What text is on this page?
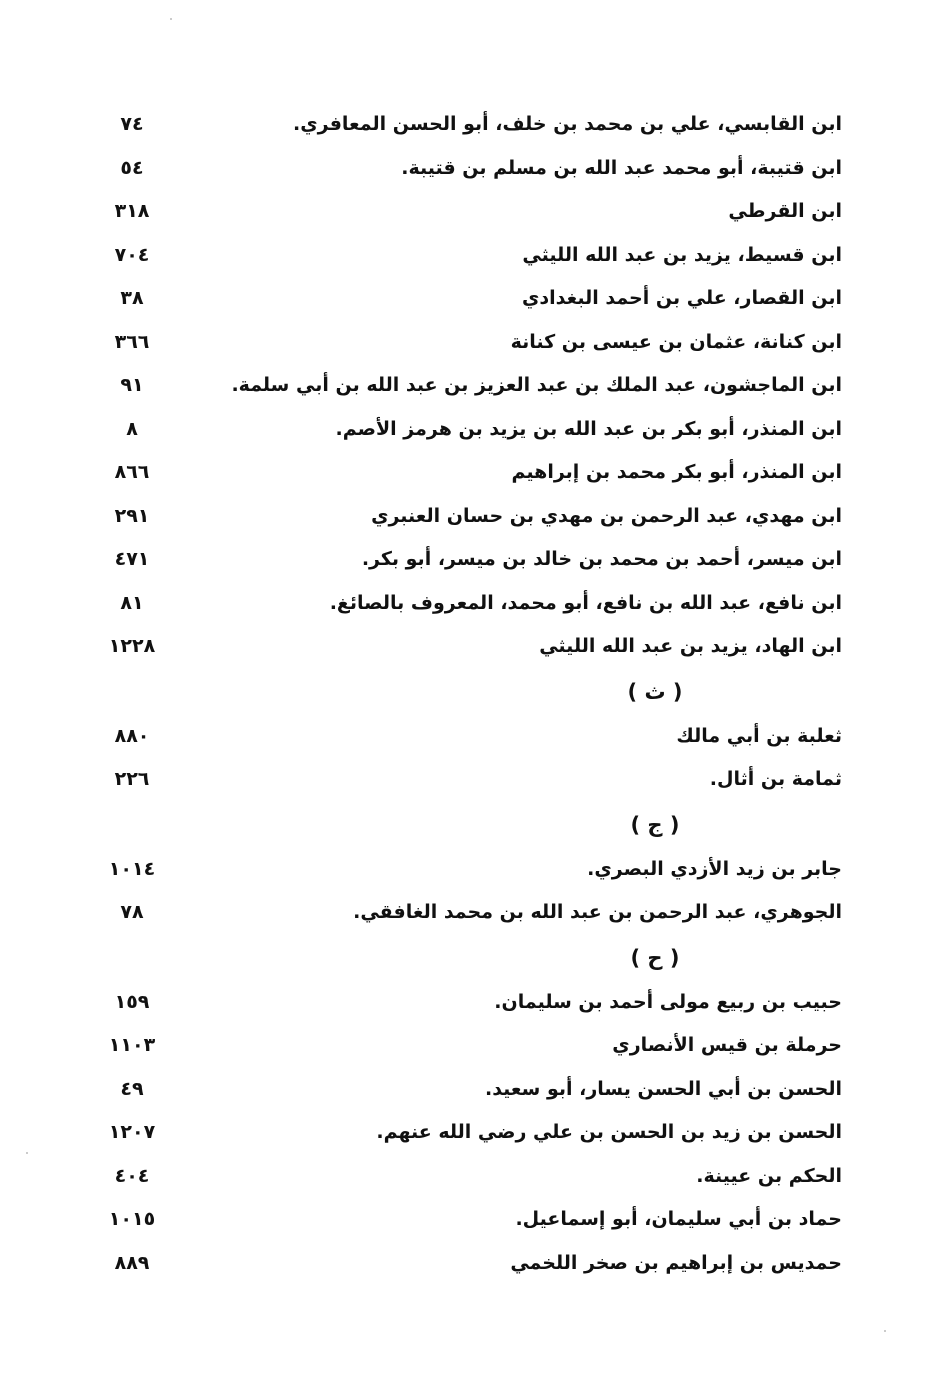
ابن القابسي، علي بن محمد بن خلف، أبو الحسن المعافري.
٧٤
ابن قتيبة، أبو محمد عبد الله بن مسلم بن قتيبة.
٥٤
ابن القرطي
٣١٨
ابن قسيط، يزيد بن عبد الله الليثي
٧٠٤
ابن القصار، علي بن أحمد البغدادي
٣٨
ابن كنانة، عثمان بن عيسى بن كنانة
٣٦٦
ابن الماجشون، عبد الملك بن عبد العزيز بن عبد الله بن أبي سلمة.
٩١
ابن المنذر، أبو بكر بن عبد الله بن يزيد بن هرمز الأصم.
٨
ابن المنذر، أبو بكر محمد بن إبراهيم
٨٦٦
ابن مهدي، عبد الرحمن بن مهدي بن حسان العنبري
٢٩١
ابن ميسر، أحمد بن محمد بن خالد بن ميسر، أبو بكر.
٤٧١
ابن نافع، عبد الله بن نافع، أبو محمد، المعروف بالصائغ.
٨١
ابن الهاد، يزيد بن عبد الله الليثي
١٢٢٨
( ث )
ثعلبة بن أبي مالك
٨٨٠
ثمامة بن أثال.
٢٢٦
( ج )
جابر بن زيد الأزدي البصري.
١٠١٤
الجوهري، عبد الرحمن بن عبد الله بن محمد الغافقي.
٧٨
( ح )
حبيب بن ربيع مولى أحمد بن سليمان.
١٥٩
حرملة بن قيس الأنصاري
١١٠٣
الحسن بن أبي الحسن يسار، أبو سعيد.
٤٩
الحسن بن زيد بن الحسن بن علي رضي الله عنهم.
١٢٠٧
الحكم بن عيينة.
٤٠٤
حماد بن أبي سليمان، أبو إسماعيل.
١٠١٥
حمديس بن إبراهيم بن صخر اللخمي
٨٨٩
